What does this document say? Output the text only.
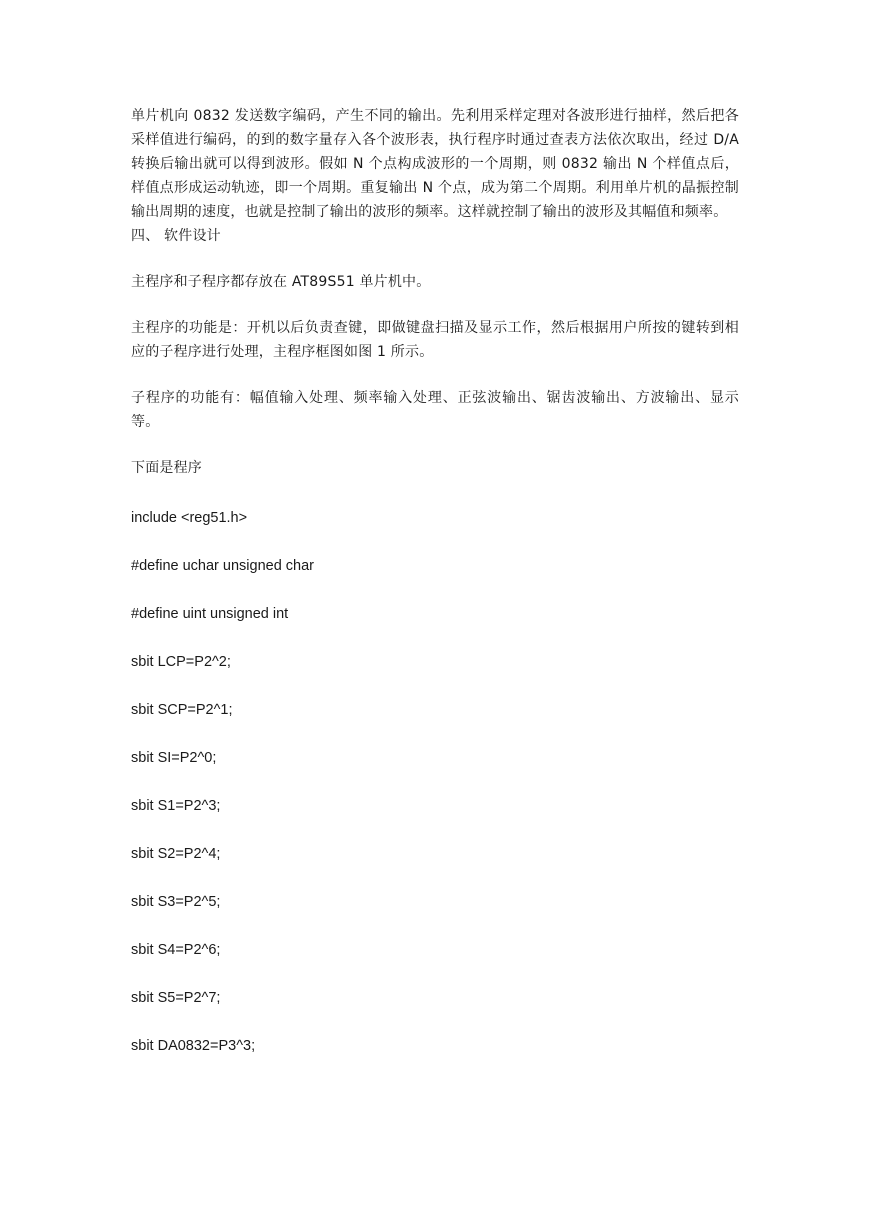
单片机向 0832 发送数字编码，产生不同的输出。先利用采样定理对各波形进行抽样，然后把各采样值进行编码，的到的数字量存入各个波形表，执行程序时通过查表方法依次取出，经过 D/A 转换后输出就可以得到波形。假如 N 个点构成波形的一个周期，则 0832 输出 N 个样值点后，样值点形成运动轨迹，即一个周期。重复输出 N 个点，成为第二个周期。利用单片机的晶振控制输出周期的速度，也就是控制了输出的波形的频率。这样就控制了输出的波形及其幅值和频率。

四、 软件设计

主程序和子程序都存放在 AT89S51 单片机中。

主程序的功能是：开机以后负责查键，即做键盘扫描及显示工作，然后根据用户所按的键转到相应的子程序进行处理，主程序框图如图 1 所示。

子程序的功能有：幅值输入处理、频率输入处理、正弦波输出、锯齿波输出、方波输出、显示等。

下面是程序

include <reg51.h>
#define uchar unsigned char
#define uint unsigned int
sbit LCP=P2^2;
sbit SCP=P2^1;
sbit SI=P2^0;
sbit S1=P2^3;
sbit S2=P2^4;
sbit S3=P2^5;
sbit S4=P2^6;
sbit S5=P2^7;
sbit DA0832=P3^3;
